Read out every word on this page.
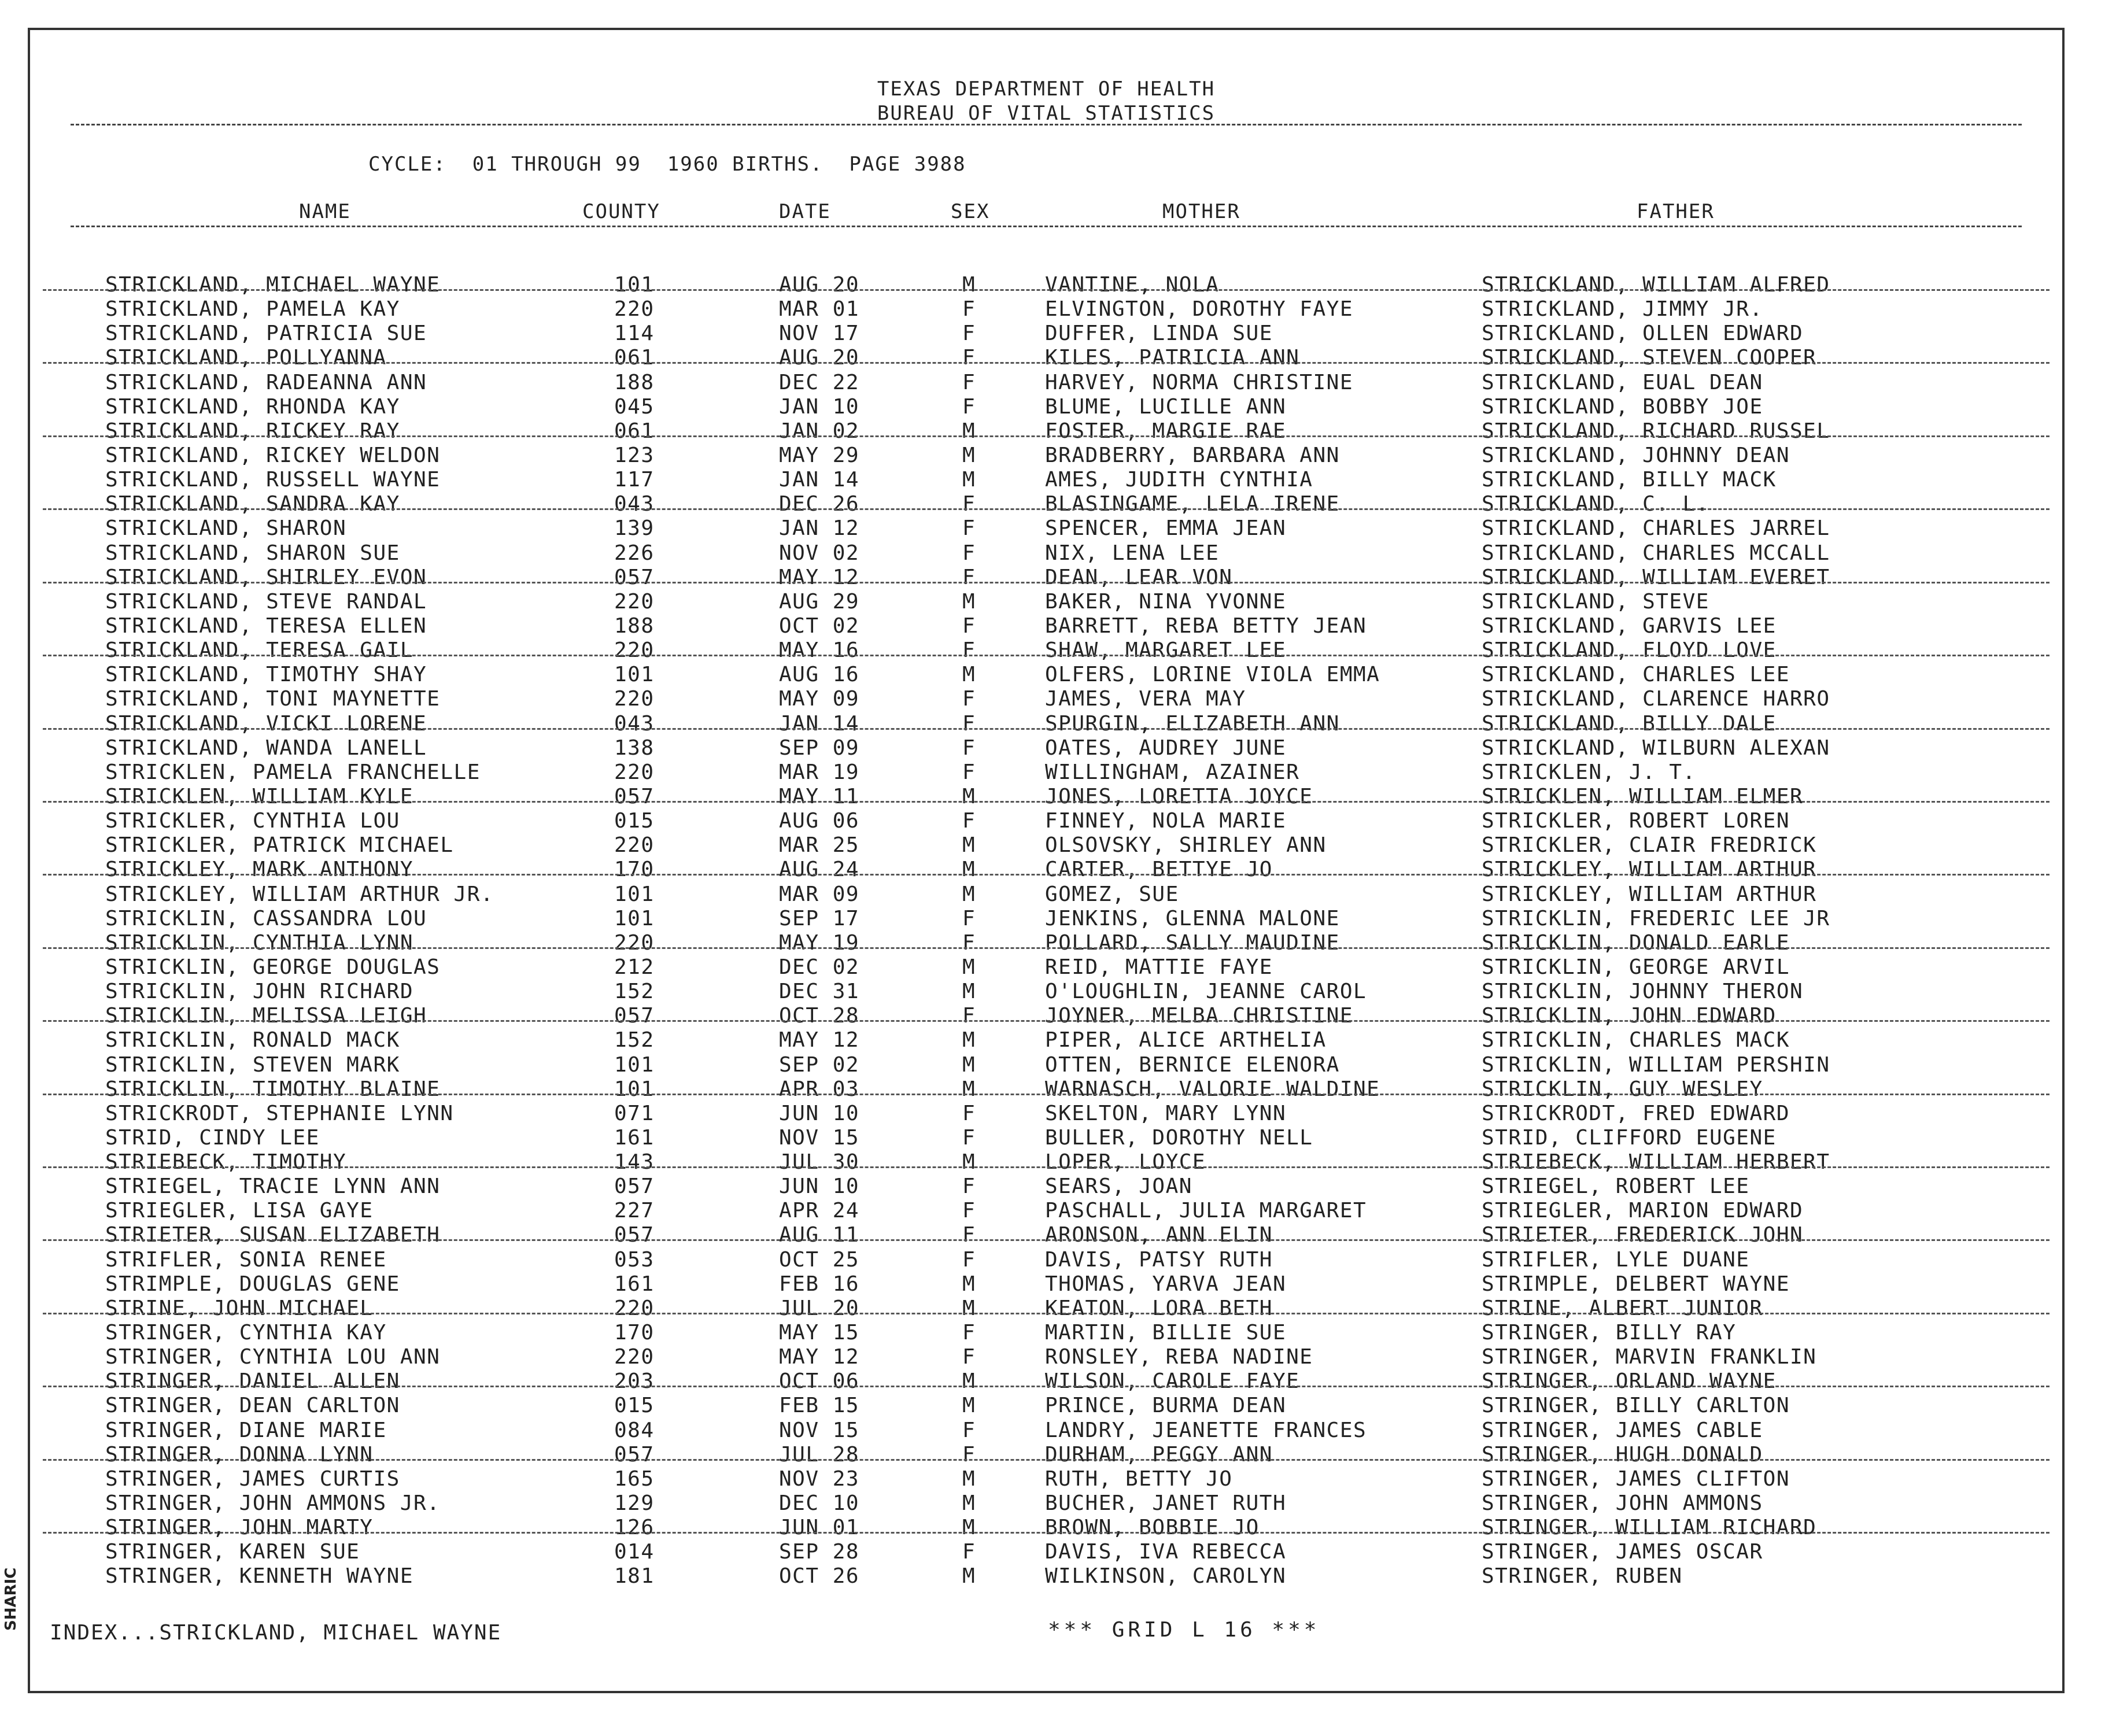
TEXAS DEPARTMENT OF HEALTH
BUREAU OF VITAL STATISTICS
CYCLE:  01 THROUGH 99  1960 BIRTHS.  PAGE 3988
NAME	COUNTY	DATE	SEX	MOTHER	FATHER
STRICKLAND, MICHAEL WAYNE	101	AUG 20	M	VANTINE, NOLA	STRICKLAND, WILLIAM ALFRED
STRICKLAND, PAMELA KAY	220	MAR 01	F	ELVINGTON, DOROTHY FAYE	STRICKLAND, JIMMY JR.
STRICKLAND, PATRICIA SUE	114	NOV 17	F	DUFFER, LINDA SUE	STRICKLAND, OLLEN EDWARD
STRICKLAND, POLLYANNA	061	AUG 20	F	KILES, PATRICIA ANN	STRICKLAND, STEVEN COOPER
STRICKLAND, RADEANNA ANN	188	DEC 22	F	HARVEY, NORMA CHRISTINE	STRICKLAND, EUAL DEAN
STRICKLAND, RHONDA KAY	045	JAN 10	F	BLUME, LUCILLE ANN	STRICKLAND, BOBBY JOE
STRICKLAND, RICKEY RAY	061	JAN 02	M	FOSTER, MARGIE RAE	STRICKLAND, RICHARD RUSSEL
STRICKLAND, RICKEY WELDON	123	MAY 29	M	BRADBERRY, BARBARA ANN	STRICKLAND, JOHNNY DEAN
STRICKLAND, RUSSELL WAYNE	117	JAN 14	M	AMES, JUDITH CYNTHIA	STRICKLAND, BILLY MACK
STRICKLAND, SANDRA KAY	043	DEC 26	F	BLASINGAME, LELA IRENE	STRICKLAND, C. L.
STRICKLAND, SHARON	139	JAN 12	F	SPENCER, EMMA JEAN	STRICKLAND, CHARLES JARREL
STRICKLAND, SHARON SUE	226	NOV 02	F	NIX, LENA LEE	STRICKLAND, CHARLES MCCALL
STRICKLAND, SHIRLEY EVON	057	MAY 12	F	DEAN, LEAR VON	STRICKLAND, WILLIAM EVERET
STRICKLAND, STEVE RANDAL	220	AUG 29	M	BAKER, NINA YVONNE	STRICKLAND, STEVE
STRICKLAND, TERESA ELLEN	188	OCT 02	F	BARRETT, REBA BETTY JEAN	STRICKLAND, GARVIS LEE
STRICKLAND, TERESA GAIL	220	MAY 16	F	SHAW, MARGARET LEE	STRICKLAND, FLOYD LOVE
STRICKLAND, TIMOTHY SHAY	101	AUG 16	M	OLFERS, LORINE VIOLA EMMA	STRICKLAND, CHARLES LEE
STRICKLAND, TONI MAYNETTE	220	MAY 09	F	JAMES, VERA MAY	STRICKLAND, CLARENCE HARRO
STRICKLAND, VICKI LORENE	043	JAN 14	F	SPURGIN, ELIZABETH ANN	STRICKLAND, BILLY DALE
STRICKLAND, WANDA LANELL	138	SEP 09	F	OATES, AUDREY JUNE	STRICKLAND, WILBURN ALEXAN
STRICKLEN, PAMELA FRANCHELLE	220	MAR 19	F	WILLINGHAM, AZAINER	STRICKLEN, J. T.
STRICKLEN, WILLIAM KYLE	057	MAY 11	M	JONES, LORETTA JOYCE	STRICKLEN, WILLIAM ELMER
STRICKLER, CYNTHIA LOU	015	AUG 06	F	FINNEY, NOLA MARIE	STRICKLER, ROBERT LOREN
STRICKLER, PATRICK MICHAEL	220	MAR 25	M	OLSOVSKY, SHIRLEY ANN	STRICKLER, CLAIR FREDRICK
STRICKLEY, MARK ANTHONY	170	AUG 24	M	CARTER, BETTYE JO	STRICKLEY, WILLIAM ARTHUR
STRICKLEY, WILLIAM ARTHUR JR.	101	MAR 09	M	GOMEZ, SUE	STRICKLEY, WILLIAM ARTHUR
STRICKLIN, CASSANDRA LOU	101	SEP 17	F	JENKINS, GLENNA MALONE	STRICKLIN, FREDERIC LEE JR
STRICKLIN, CYNTHIA LYNN	220	MAY 19	F	POLLARD, SALLY MAUDINE	STRICKLIN, DONALD EARLE
STRICKLIN, GEORGE DOUGLAS	212	DEC 02	M	REID, MATTIE FAYE	STRICKLIN, GEORGE ARVIL
STRICKLIN, JOHN RICHARD	152	DEC 31	M	O'LOUGHLIN, JEANNE CAROL	STRICKLIN, JOHNNY THERON
STRICKLIN, MELISSA LEIGH	057	OCT 28	F	JOYNER, MELBA CHRISTINE	STRICKLIN, JOHN EDWARD
STRICKLIN, RONALD MACK	152	MAY 12	M	PIPER, ALICE ARTHELIA	STRICKLIN, CHARLES MACK
STRICKLIN, STEVEN MARK	101	SEP 02	M	OTTEN, BERNICE ELENORA	STRICKLIN, WILLIAM PERSHIN
STRICKLIN, TIMOTHY BLAINE	101	APR 03	M	WARNASCH, VALORIE WALDINE	STRICKLIN, GUY WESLEY
STRICKRODT, STEPHANIE LYNN	071	JUN 10	F	SKELTON, MARY LYNN	STRICKRODT, FRED EDWARD
STRID, CINDY LEE	161	NOV 15	F	BULLER, DOROTHY NELL	STRID, CLIFFORD EUGENE
STRIEBECK, TIMOTHY	143	JUL 30	M	LOPER, LOYCE	STRIEBECK, WILLIAM HERBERT
STRIEGEL, TRACIE LYNN ANN	057	JUN 10	F	SEARS, JOAN	STRIEGEL, ROBERT LEE
STRIEGLER, LISA GAYE	227	APR 24	F	PASCHALL, JULIA MARGARET	STRIEGLER, MARION EDWARD
STRIETER, SUSAN ELIZABETH	057	AUG 11	F	ARONSON, ANN ELIN	STRIETER, FREDERICK JOHN
STRIFLER, SONIA RENEE	053	OCT 25	F	DAVIS, PATSY RUTH	STRIFLER, LYLE DUANE
STRIMPLE, DOUGLAS GENE	161	FEB 16	M	THOMAS, YARVA JEAN	STRIMPLE, DELBERT WAYNE
STRINE, JOHN MICHAEL	220	JUL 20	M	KEATON, LORA BETH	STRINE, ALBERT JUNIOR
STRINGER, CYNTHIA KAY	170	MAY 15	F	MARTIN, BILLIE SUE	STRINGER, BILLY RAY
STRINGER, CYNTHIA LOU ANN	220	MAY 12	F	RONSLEY, REBA NADINE	STRINGER, MARVIN FRANKLIN
STRINGER, DANIEL ALLEN	203	OCT 06	M	WILSON, CAROLE FAYE	STRINGER, ORLAND WAYNE
STRINGER, DEAN CARLTON	015	FEB 15	M	PRINCE, BURMA DEAN	STRINGER, BILLY CARLTON
STRINGER, DIANE MARIE	084	NOV 15	F	LANDRY, JEANETTE FRANCES	STRINGER, JAMES CABLE
STRINGER, DONNA LYNN	057	JUL 28	F	DURHAM, PEGGY ANN	STRINGER, HUGH DONALD
STRINGER, JAMES CURTIS	165	NOV 23	M	RUTH, BETTY JO	STRINGER, JAMES CLIFTON
STRINGER, JOHN AMMONS JR.	129	DEC 10	M	BUCHER, JANET RUTH	STRINGER, JOHN AMMONS
STRINGER, JOHN MARTY	126	JUN 01	M	BROWN, BOBBIE JO	STRINGER, WILLIAM RICHARD
STRINGER, KAREN SUE	014	SEP 28	F	DAVIS, IVA REBECCA	STRINGER, JAMES OSCAR
STRINGER, KENNETH WAYNE	181	OCT 26	M	WILKINSON, CAROLYN	STRINGER, RUBEN
INDEX...STRICKLAND, MICHAEL WAYNE	*** GRID L 16 ***
SHARIC
